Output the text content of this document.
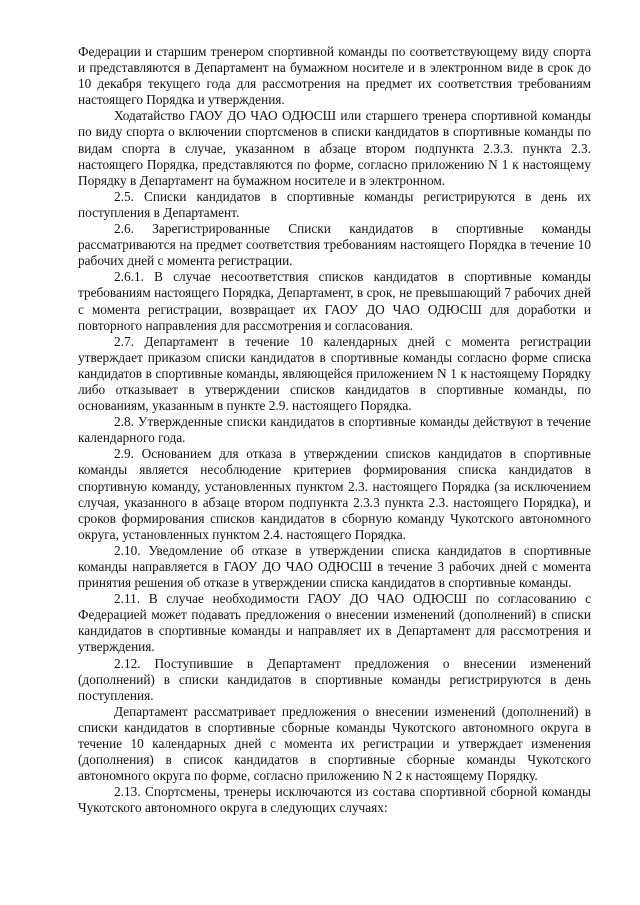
Федерации и старшим тренером спортивной команды по соответствующему виду спорта и представляются в Департамент на бумажном носителе и в электронном виде в срок до 10 декабря текущего года для рассмотрения на предмет их соответствия требованиям настоящего Порядка и утверждения.

Ходатайство ГАОУ ДО ЧАО ОДЮСШ или старшего тренера спортивной команды по виду спорта о включении спортсменов в списки кандидатов в спортивные команды по видам спорта в случае, указанном в абзаце втором подпункта 2.3.3. пункта 2.3. настоящего Порядка, представляются по форме, согласно приложению N 1 к настоящему Порядку в Департамент на бумажном носителе и в электронном.

2.5. Списки кандидатов в спортивные команды регистрируются в день их поступления в Департамент.

2.6. Зарегистрированные Списки кандидатов в спортивные команды рассматриваются на предмет соответствия требованиям настоящего Порядка в течение 10 рабочих дней с момента регистрации.

2.6.1. В случае несоответствия списков кандидатов в спортивные команды требованиям настоящего Порядка, Департамент, в срок, не превышающий 7 рабочих дней с момента регистрации, возвращает их ГАОУ ДО ЧАО ОДЮСШ для доработки и повторного направления для рассмотрения и согласования.

2.7. Департамент в течение 10 календарных дней с момента регистрации утверждает приказом списки кандидатов в спортивные команды согласно форме списка кандидатов в спортивные команды, являющейся приложением N 1 к настоящему Порядку либо отказывает в утверждении списков кандидатов в спортивные команды, по основаниям, указанным в пункте 2.9. настоящего Порядка.

2.8. Утвержденные списки кандидатов в спортивные команды действуют в течение календарного года.

2.9. Основанием для отказа в утверждении списков кандидатов в спортивные команды является несоблюдение критериев формирования списка кандидатов в спортивную команду, установленных пунктом 2.3. настоящего Порядка (за исключением случая, указанного в абзаце втором подпункта 2.3.3 пункта 2.3. настоящего Порядка), и сроков формирования списков кандидатов в сборную команду Чукотского автономного округа, установленных пунктом 2.4. настоящего Порядка.

2.10. Уведомление об отказе в утверждении списка кандидатов в спортивные команды направляется в ГАОУ ДО ЧАО ОДЮСШ в течение 3 рабочих дней с момента принятия решения об отказе в утверждении списка кандидатов в спортивные команды.

2.11. В случае необходимости ГАОУ ДО ЧАО ОДЮСШ по согласованию с Федерацией может подавать предложения о внесении изменений (дополнений) в списки кандидатов в спортивные команды и направляет их в Департамент для рассмотрения и утверждения.

2.12. Поступившие в Департамент предложения о внесении изменений (дополнений) в списки кандидатов в спортивные команды регистрируются в день поступления.

Департамент рассматривает предложения о внесении изменений (дополнений) в списки кандидатов в спортивные сборные команды Чукотского автономного округа в течение 10 календарных дней с момента их регистрации и утверждает изменения (дополнения) в список кандидатов в спортивные сборные команды Чукотского автономного округа по форме, согласно приложению N 2 к настоящему Порядку.

2.13. Спортсмены, тренеры исключаются из состава спортивной сборной команды Чукотского автономного округа в следующих случаях:
